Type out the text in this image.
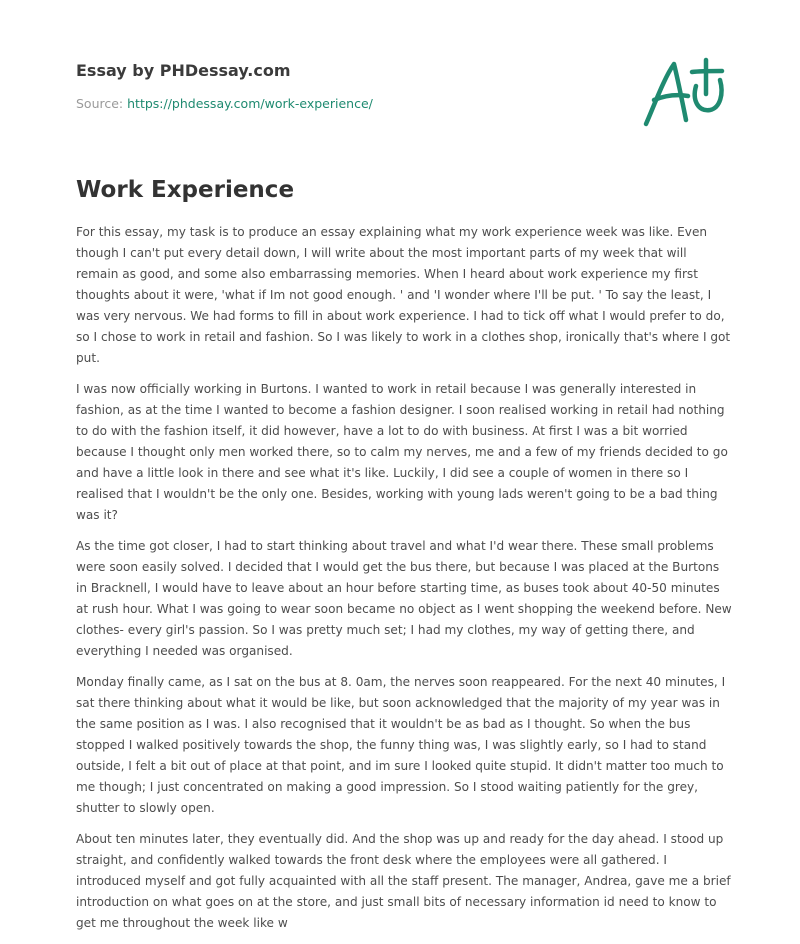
Essay by PHDessay.com
Source: https://phdessay.com/work-experience/
Work Experience

For this essay, my task is to produce an essay explaining what my work experience week was like. Even though I can't put every detail down, I will write about the most important parts of my week that will remain as good, and some also embarrassing memories. When I heard about work experience my first thoughts about it were, 'what if Im not good enough. ' and 'I wonder where I'll be put. ' To say the least, I was very nervous. We had forms to fill in about work experience. I had to tick off what I would prefer to do, so I chose to work in retail and fashion. So I was likely to work in a clothes shop, ironically that's where I got put.

I was now officially working in Burtons. I wanted to work in retail because I was generally interested in fashion, as at the time I wanted to become a fashion designer. I soon realised working in retail had nothing to do with the fashion itself, it did however, have a lot to do with business. At first I was a bit worried because I thought only men worked there, so to calm my nerves, me and a few of my friends decided to go and have a little look in there and see what it's like. Luckily, I did see a couple of women in there so I realised that I wouldn't be the only one. Besides, working with young lads weren't going to be a bad thing was it?

As the time got closer, I had to start thinking about travel and what I'd wear there. These small problems were soon easily solved. I decided that I would get the bus there, but because I was placed at the Burtons in Bracknell, I would have to leave about an hour before starting time, as buses took about 40-50 minutes at rush hour. What I was going to wear soon became no object as I went shopping the weekend before. New clothes- every girl's passion. So I was pretty much set; I had my clothes, my way of getting there, and everything I needed was organised.

Monday finally came, as I sat on the bus at 8. 0am, the nerves soon reappeared. For the next 40 minutes, I sat there thinking about what it would be like, but soon acknowledged that the majority of my year was in the same position as I was. I also recognised that it wouldn't be as bad as I thought. So when the bus stopped I walked positively towards the shop, the funny thing was, I was slightly early, so I had to stand outside, I felt a bit out of place at that point, and im sure I looked quite stupid. It didn't matter too much to me though; I just concentrated on making a good impression. So I stood waiting patiently for the grey, shutter to slowly open.

About ten minutes later, they eventually did. And the shop was up and ready for the day ahead. I stood up straight, and confidently walked towards the front desk where the employees were all gathered. I introduced myself and got fully acquainted with all the staff present. The manager, Andrea, gave me a brief introduction on what goes on at the store, and just small bits of necessary information id need to know to get me throughout the week like w
